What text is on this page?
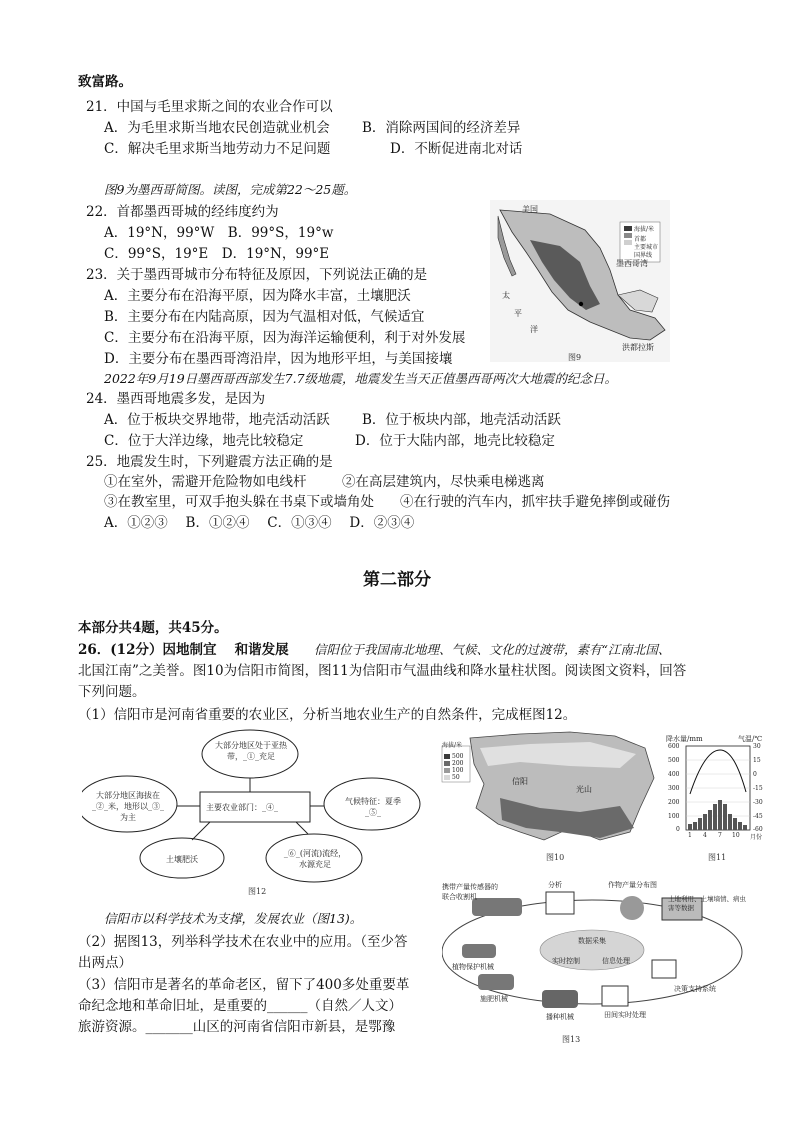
致富路。
21．中国与毛里求斯之间的农业合作可以
A．为毛里求斯当地农民创造就业机会 B．消除两国间的经济差异
C．解决毛里求斯当地劳动力不足问题	D．不断促进南北对话
图9为墨西哥简图。读图，完成第22～25题。
22．首都墨西哥城的经纬度约为
A．19°N，99°W　B．99°S，19°w
C．99°S，19°E　D．19°N，99°E
23．关于墨西哥城市分布特征及原因，下列说法正确的是
A．主要分布在沿海平原，因为降水丰富，土壤肥沃
B．主要分布在内陆高原，因为气温相对低，气候适宜
C．主要分布在沿海平原，因为海洋运输便利，利于对外发展
D．主要分布在墨西哥湾沿岸，因为地形平坦，与美国接壤
2022年9月19日墨西哥西部发生7.7级地震，地震发生当天正值墨西哥两次大地震的纪念日。
24．墨西哥地震多发，是因为
A．位于板块交界地带，地壳活动活跃 B．位于板块内部，地壳活动活跃
C．位于大洋边缘，地壳比较稳定	D．位于大陆内部，地壳比较稳定
25．地震发生时，下列避震方法正确的是
①在室外，需避开危险物如电线杆	②在高层建筑内，尽快乘电梯逃离
③在教室里，可双手抱头躲在书桌下或墙角处 ④在行驶的汽车内，抓牢扶手避免摔倒或碰伤
A．①②③　 B．①②④　 C．①③④　 D．②③④
第二部分
本部分共4题，共45分。
26．(12分）因地制宜　 和谐发展 信阳位于我国南北地理、气候、文化的过渡带，素有“江南北国、
北国江南”之美誉。图10为信阳市简图，图11为信阳市气温曲线和降水量柱状图。阅读图文资料，回答
下列问题。
（1）信阳市是河南省重要的农业区，分析当地农业生产的自然条件，完成框图12。
信阳市以科学技术为支撑，发展农业（图13)。
（2）据图13，列举科学技术在农业中的应用。（至少答
出两点）
（3）信阳市是著名的革命老区，留下了400多处重要革
命纪念地和革命旧址，是重要的______（自然／人文）
旅游资源。_______山区的河南省信阳市新县，是鄂豫
美国
太
平
洋
墨西哥湾
洪都拉斯
海拔/米
首都
主要城市
国界线
图9
大部分地区处于亚热带，_①_充足
大部分地区海拔在_②_米，地形以_③_为主
主要农业部门：_④_
气候特征：夏季_⑤_
土壤肥沃
_⑥_(河流)流经，水源充足
图12
海拔/米
500
200
100
50	信阳
光山
图10
降水量/mm	气温/℃
600
500
400
300
200
100
0
30
15
0
-15
-30
-45
-60
1 4 7 10 月份
图11
携带产量传感器的联合收割机
分析	作物产量分布图
土地利用、土壤墒情、病虫害等数据
数据采集
实时控制	信息处理
植物保护机械
决策支持系统
施肥机械
播种机械	田间实时处理
图13
